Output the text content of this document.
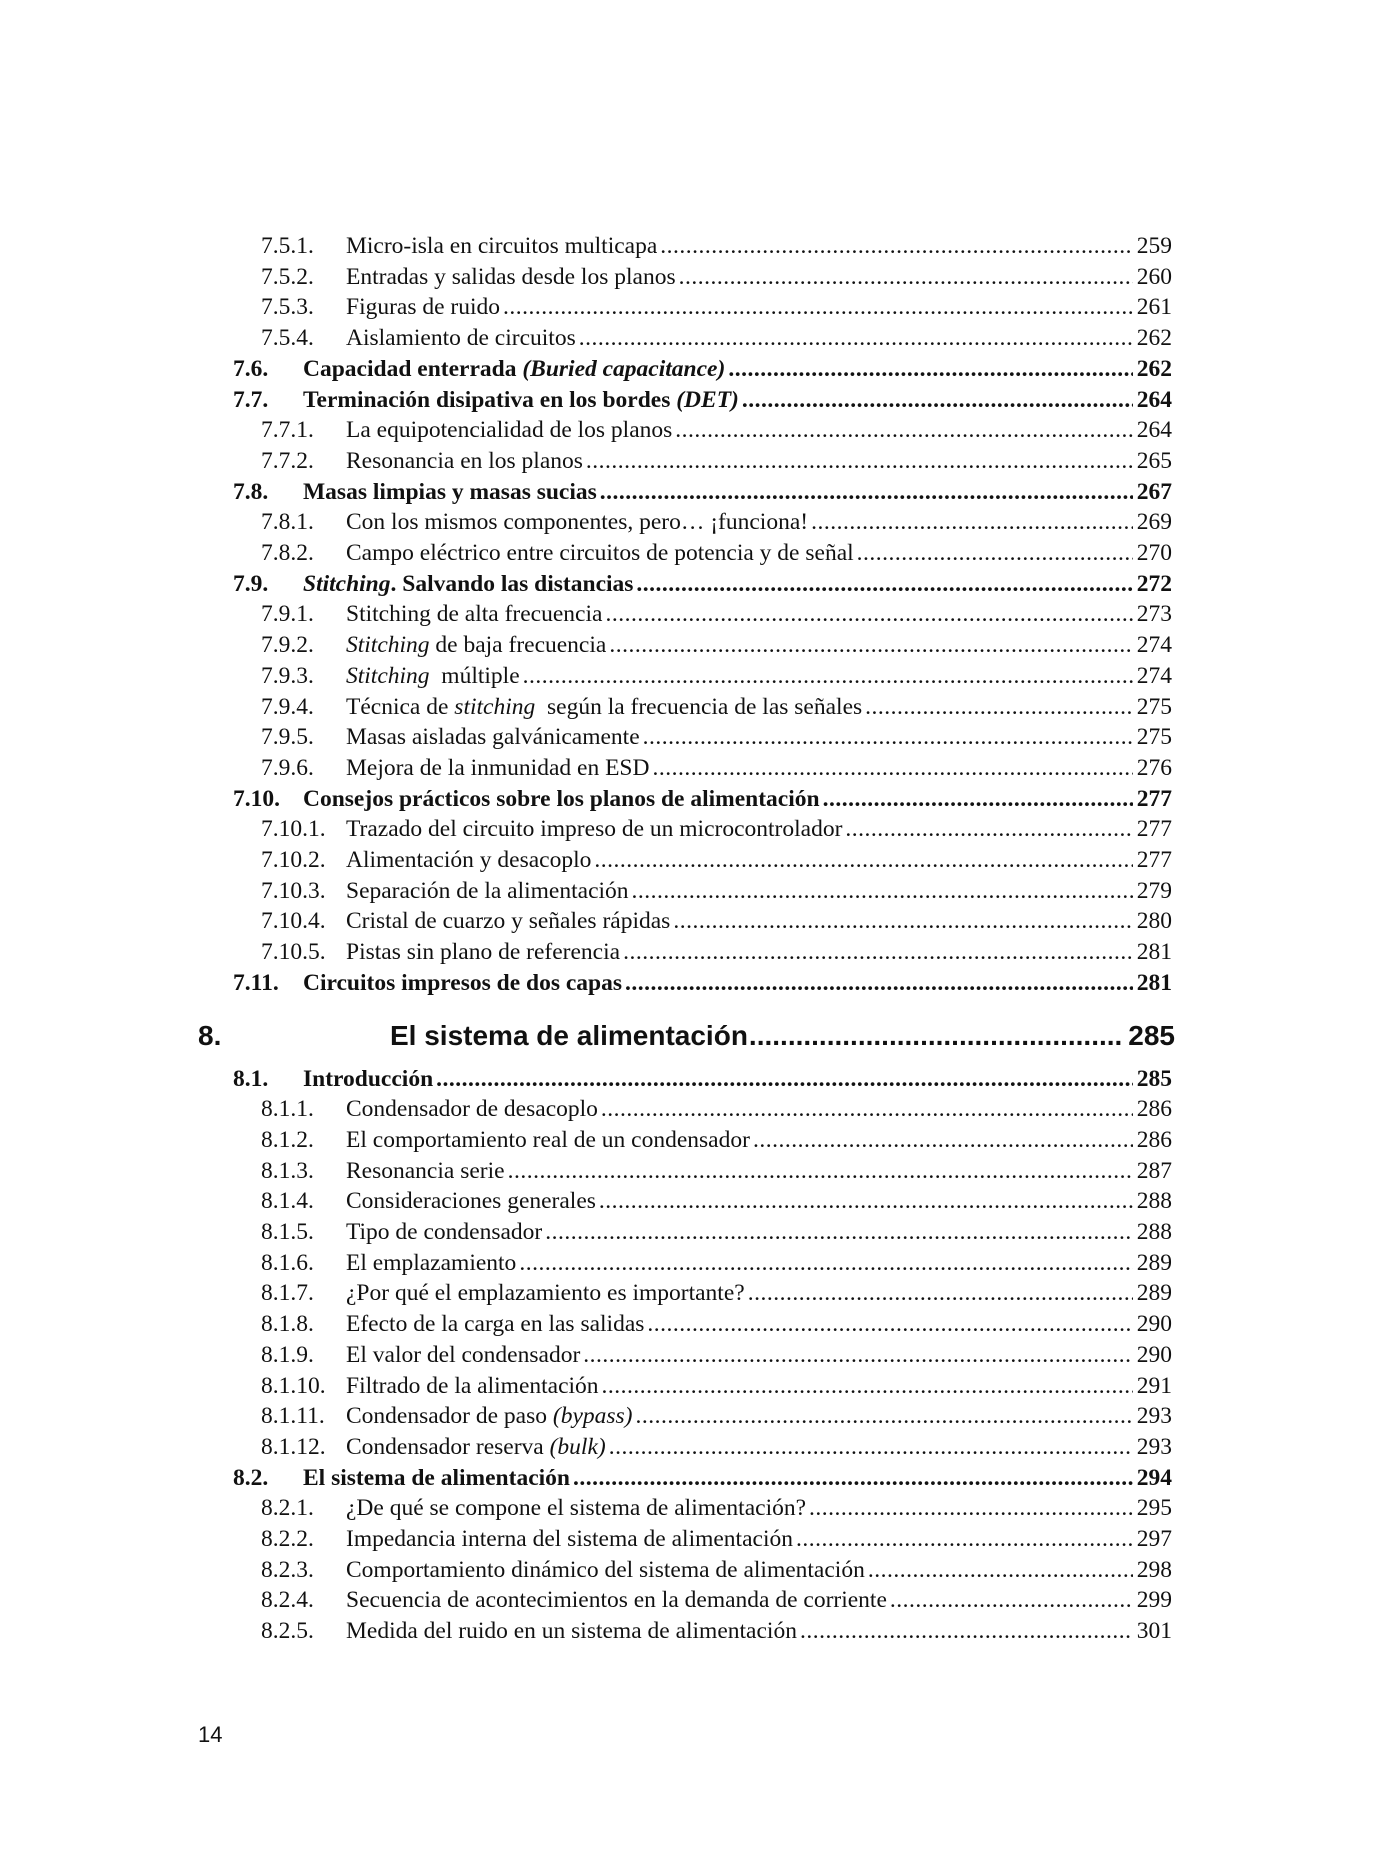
7.5.1.	Micro-isla en circuitos multicapa .....	259
7.5.2.	Entradas y salidas desde los planos .....	260
7.5.3.	Figuras de ruido .....	261
7.5.4.	Aislamiento de circuitos .....	262
7.6.	Capacidad enterrada (Buried capacitance) .....	262
7.7.	Terminación disipativa en los bordes (DET) .....	264
7.7.1.	La equipotencialidad de los planos .....	264
7.7.2.	Resonancia en los planos .....	265
7.8.	Masas limpias y masas sucias .....	267
7.8.1.	Con los mismos componentes, pero… ¡funciona! .....	269
7.8.2.	Campo eléctrico entre circuitos de potencia y de señal .....	270
7.9.	Stitching. Salvando las distancias .....	272
7.9.1.	Stitching de alta frecuencia .....	273
7.9.2.	Stitching de baja frecuencia .....	274
7.9.3.	Stitching  múltiple .....	274
7.9.4.	Técnica de stitching  según la frecuencia de las señales .....	275
7.9.5.	Masas aisladas galvánicamente .....	275
7.9.6.	Mejora de la inmunidad en ESD .....	276
7.10. Consejos prácticos sobre los planos de alimentación .....	277
7.10.1. Trazado del circuito impreso de un microcontrolador .....	277
7.10.2. Alimentación y desacoplo .....	277
7.10.3. Separación de la alimentación .....	279
7.10.4. Cristal de cuarzo y señales rápidas .....	280
7.10.5. Pistas sin plano de referencia .....	281
7.11.	Circuitos impresos de dos capas .....	281
8.	El sistema de alimentación .....	285
8.1.	Introducción .....	285
8.1.1.	Condensador de desacoplo .....	286
8.1.2.	El comportamiento real de un condensador .....	286
8.1.3.	Resonancia serie .....	287
8.1.4.	Consideraciones generales .....	288
8.1.5.	Tipo de condensador .....	288
8.1.6.	El emplazamiento .....	289
8.1.7.	¿Por qué el emplazamiento es importante? .....	289
8.1.8.	Efecto de la carga en las salidas .....	290
8.1.9.	El valor del condensador .....	290
8.1.10. Filtrado de la alimentación .....	291
8.1.11. Condensador de paso (bypass) .....	293
8.1.12. Condensador reserva (bulk) .....	293
8.2.	El sistema de alimentación .....	294
8.2.1.	¿De qué se compone el sistema de alimentación? .....	295
8.2.2.	Impedancia interna del sistema de alimentación .....	297
8.2.3.	Comportamiento dinámico del sistema de alimentación .....	298
8.2.4.	Secuencia de acontecimientos en la demanda de corriente .....	299
8.2.5.	Medida del ruido en un sistema de alimentación .....	301
14
